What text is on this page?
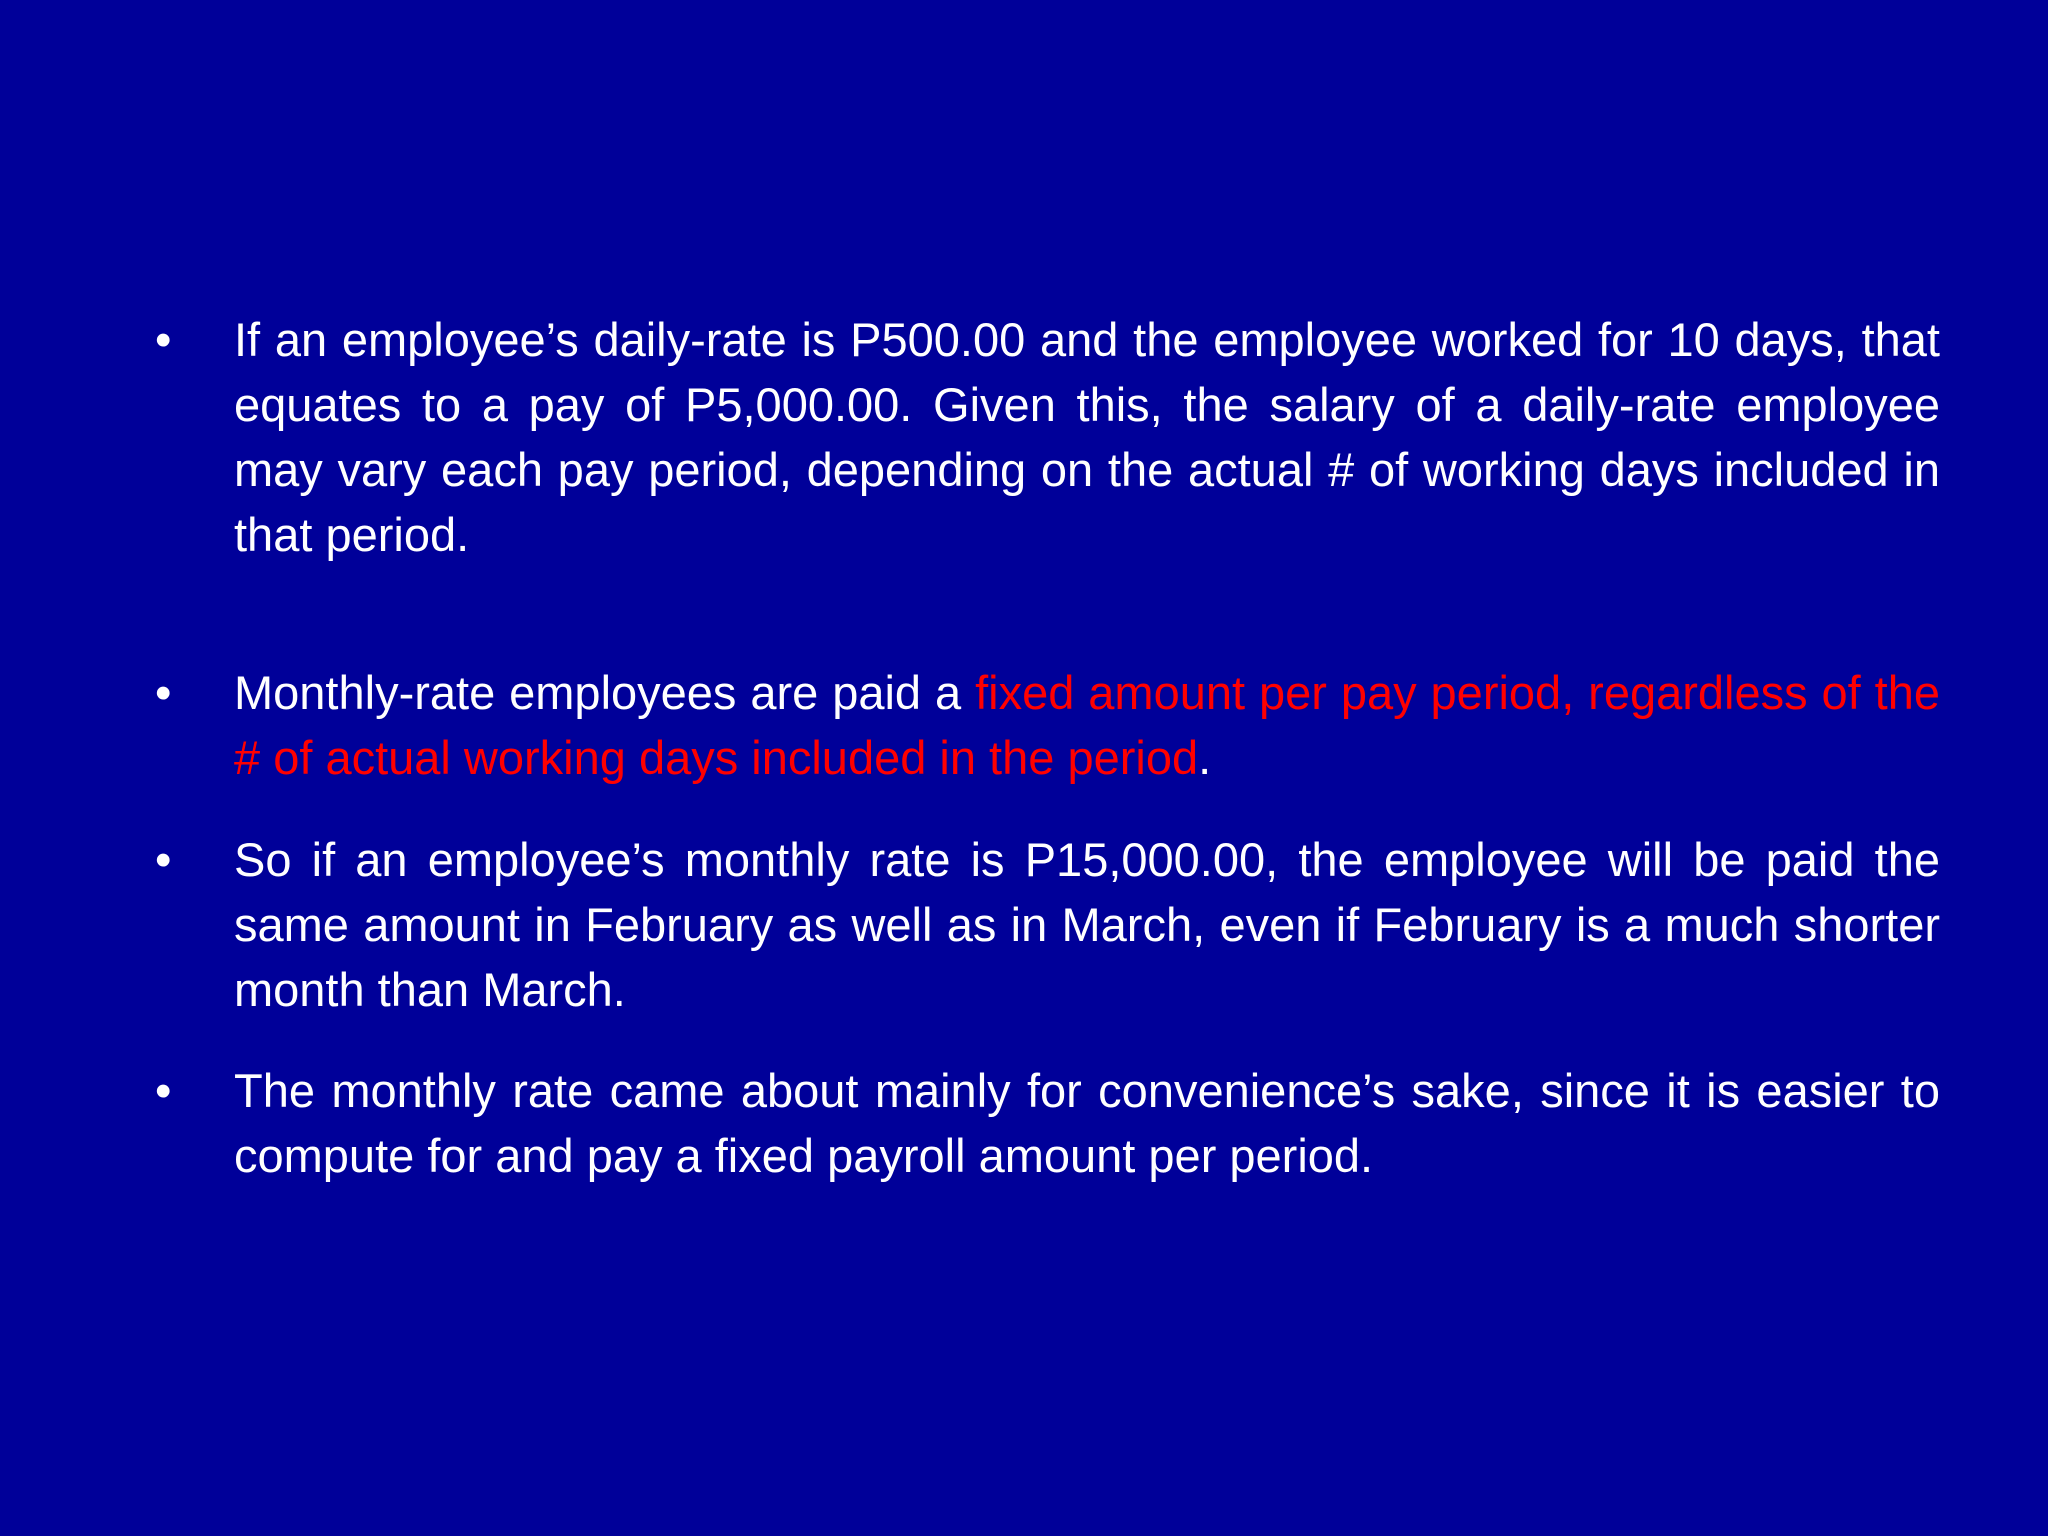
• If an employee’s daily-rate is P500.00 and the employee worked for 10 days, that equates to a pay of P5,000.00. Given this, the salary of a daily-rate employee may vary each pay period, depending on the actual # of working days included in that period.
• Monthly-rate employees are paid a fixed amount per pay period, regardless of the # of actual working days included in the period.
• So if an employee’s monthly rate is P15,000.00, the employee will be paid the same amount in February as well as in March, even if February is a much shorter month than March.
• The monthly rate came about mainly for convenience’s sake, since it is easier to compute for and pay a fixed payroll amount per period.
